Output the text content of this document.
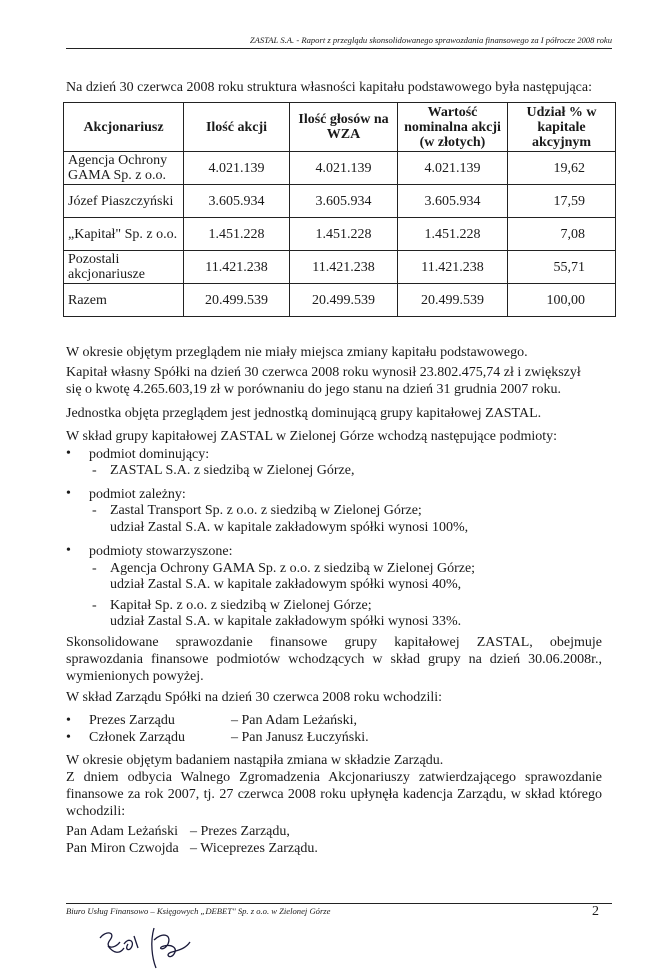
ZASTAL S.A. - Raport z przeglądu skonsolidowanego sprawozdania finansowego za I półrocze 2008 roku
Na dzień 30 czerwca 2008 roku struktura własności kapitału podstawowego była następująca:
Akcjonariusz	Ilość akcji	Ilość głosów na WZA	Wartość nominalna akcji (w złotych)	Udział % w kapitale akcyjnym
Agencja Ochrony GAMA Sp. z o.o.	4.021.139	4.021.139	4.021.139	19,62
Józef Piaszczyński	3.605.934	3.605.934	3.605.934	17,59
„Kapitał" Sp. z o.o.	1.451.228	1.451.228	1.451.228	7,08
Pozostali akcjonariusze	11.421.238	11.421.238	11.421.238	55,71
Razem	20.499.539	20.499.539	20.499.539	100,00
W okresie objętym przeglądem nie miały miejsca zmiany kapitału podstawowego.
Kapitał własny Spółki na dzień 30 czerwca 2008 roku wynosił 23.802.475,74 zł i zwiększył
się o kwotę 4.265.603,19 zł w porównaniu do jego stanu na dzień 31 grudnia 2007 roku.
Jednostka objęta przeglądem jest jednostką dominującą grupy kapitałowej ZASTAL.
W skład grupy kapitałowej ZASTAL w Zielonej Górze wchodzą następujące podmioty:
• podmiot dominujący:
- ZASTAL S.A. z siedzibą w Zielonej Górze,
• podmiot zależny:
- Zastal Transport Sp. z o.o. z siedzibą w Zielonej Górze;
udział Zastal S.A. w kapitale zakładowym spółki wynosi 100%,
• podmioty stowarzyszone:
- Agencja Ochrony GAMA Sp. z o.o. z siedzibą w Zielonej Górze;
udział Zastal S.A. w kapitale zakładowym spółki wynosi 40%,
- Kapitał Sp. z o.o. z siedzibą w Zielonej Górze;
udział Zastal S.A. w kapitale zakładowym spółki wynosi 33%.
Skonsolidowane sprawozdanie finansowe grupy kapitałowej ZASTAL, obejmuje
sprawozdania finansowe podmiotów wchodzących w skład grupy na dzień 30.06.2008r.,
wymienionych powyżej.
W skład Zarządu Spółki na dzień 30 czerwca 2008 roku wchodzili:
• Prezes Zarządu	– Pan Adam Leżański,
• Członek Zarządu	– Pan Janusz Łuczyński.
W okresie objętym badaniem nastąpiła zmiana w składzie Zarządu.
Z dniem odbycia Walnego Zgromadzenia Akcjonariuszy zatwierdzającego sprawozdanie
finansowe za rok 2007, tj. 27 czerwca 2008 roku upłynęła kadencja Zarządu, w skład którego
wchodzili:
Pan Adam Leżański – Prezes Zarządu,
Pan Miron Czwojda – Wiceprezes Zarządu.
Biuro Usług Finansowo – Księgowych „DEBET" Sp. z o.o. w Zielonej Górze	2
